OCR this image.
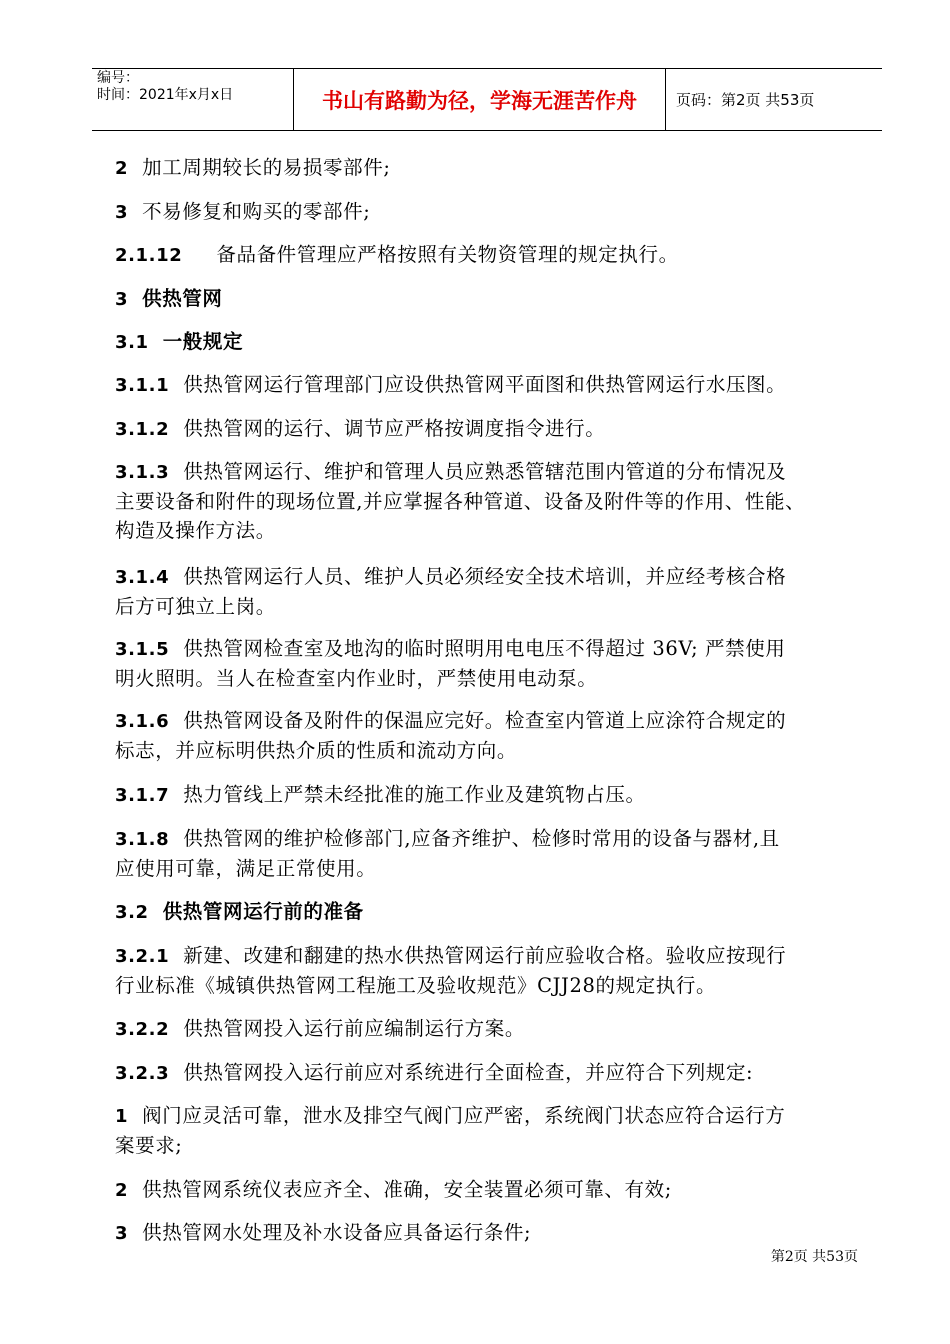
编号：
时间：2021年x月x日	书山有路勤为径，学海无涯苦作舟	页码：第2页 共53页
2 加工周期较长的易损零部件;
3 不易修复和购买的零部件;
2.1.12 备品备件管理应严格按照有关物资管理的规定执行。
3 供热管网
3.1 一般规定
3.1.1 供热管网运行管理部门应设供热管网平面图和供热管网运行水压图。
3.1.2 供热管网的运行、调节应严格按调度指令进行。
3.1.3 供热管网运行、维护和管理人员应熟悉管辖范围内管道的分布情况及
主要设备和附件的现场位置,并应掌握各种管道、设备及附件等的作用、性能、
构造及操作方法。
3.1.4 供热管网运行人员、维护人员必须经安全技术培训，并应经考核合格
后方可独立上岗。
3.1.5 供热管网检查室及地沟的临时照明用电电压不得超过 36V; 严禁使用
明火照明。当人在检查室内作业时，严禁使用电动泵。
3.1.6 供热管网设备及附件的保温应完好。检查室内管道上应涂符合规定的
标志，并应标明供热介质的性质和流动方向。
3.1.7 热力管线上严禁未经批准的施工作业及建筑物占压。
3.1.8 供热管网的维护检修部门,应备齐维护、检修时常用的设备与器材,且
应使用可靠，满足正常使用。
3.2 供热管网运行前的准备
3.2.1 新建、改建和翻建的热水供热管网运行前应验收合格。验收应按现行
行业标准《城镇供热管网工程施工及验收规范》CJJ28的规定执行。
3.2.2 供热管网投入运行前应编制运行方案。
3.2.3 供热管网投入运行前应对系统进行全面检查，并应符合下列规定:
1 阀门应灵活可靠，泄水及排空气阀门应严密，系统阀门状态应符合运行方
案要求;
2 供热管网系统仪表应齐全、准确，安全装置必须可靠、有效;
3 供热管网水处理及补水设备应具备运行条件;
第2页 共53页
